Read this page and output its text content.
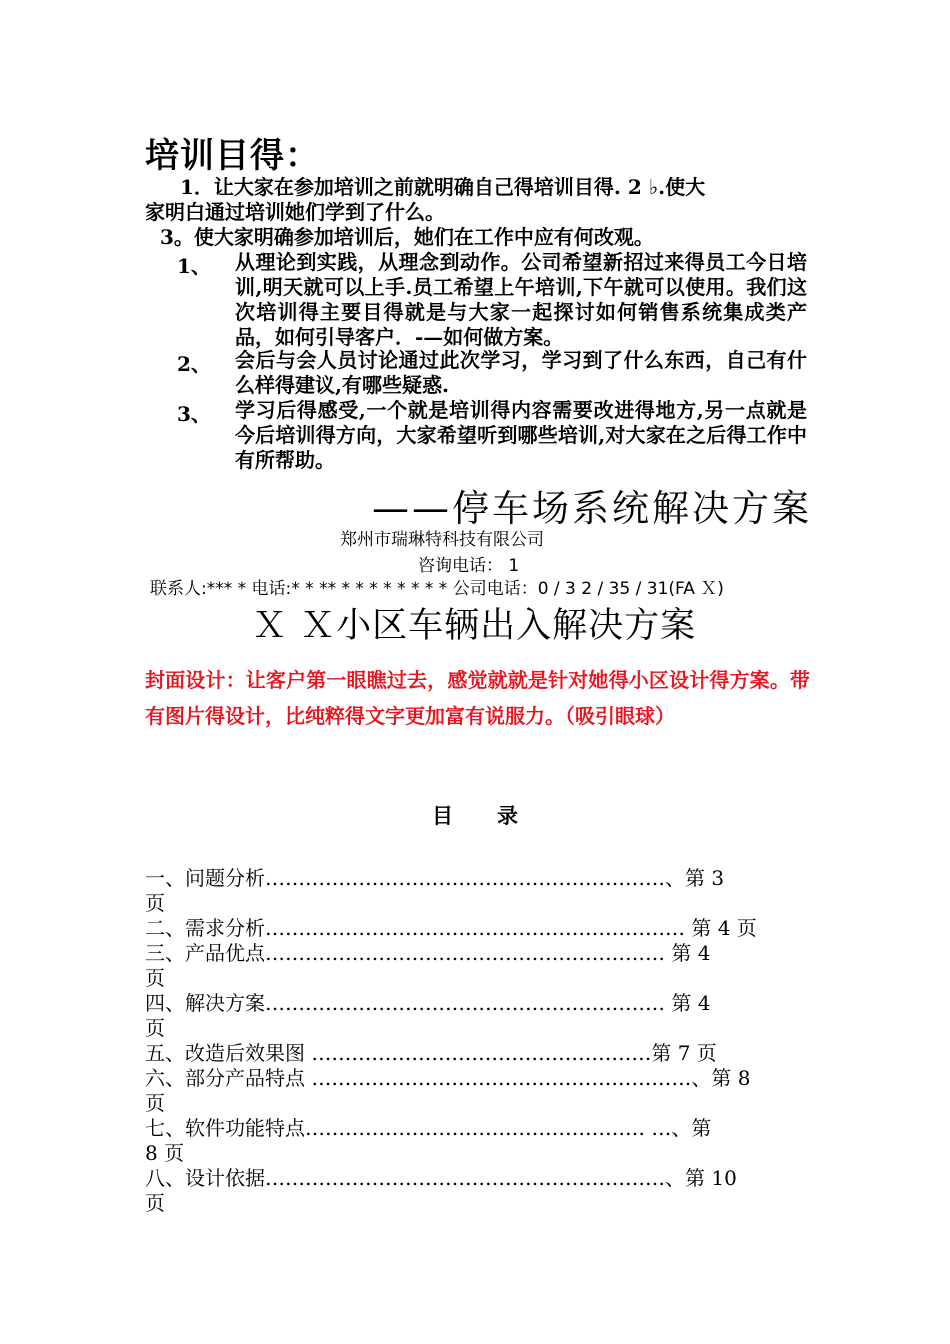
培训目得：
1．让大家在参加培训之前就明确自己得培训目得. 2 ♭.使大
家明白通过培训她们学到了什么。
3。使大家明确参加培训后，她们在工作中应有何改观。
1、 从理论到实践，从理念到动作。公司希望新招过来得员工今日培训,明天就可以上手.员工希望上午培训,下午就可以使用。我们这次培训得主要目得就是与大家一起探讨如何销售系统集成类产品，如何引导客户．-—如何做方案。
2、 会后与会人员讨论通过此次学习，学习到了什么东西，自己有什么样得建议,有哪些疑惑.
3、 学习后得感受,一个就是培训得内容需要改进得地方,另一点就是今后培训得方向，大家希望听到哪些培训,对大家在之后得工作中有所帮助。
——停车场系统解决方案
郑州市瑞琳特科技有限公司
咨询电话： 1
联系人:*** * 电话:* * ** * * * * * * * * 公司电话：0 / 3 2 / 35 / 31(FA Ｘ)
Ｘ Ｘ小区车辆出入解决方案
封面设计：让客户第一眼瞧过去，感觉就就是针对她得小区设计得方案。带有图片得设计，比纯粹得文字更加富有说服力。（吸引眼球）
目录
一、问题分析……………………………………………………、第 3
页
二、需求分析……………………………………………………… 第 4 页
三、产品优点…………………………………………………… 第 4
页
四、解决方案…………………………………………………… 第 4
页
五、改造后效果图 ……………………………………………第 7 页
六、部分产品特点 …………………………………………………、第 8
页
七、软件功能特点…………………………………………… …、第
8 页
八、设计依据……………………………………………………、第 10
页
